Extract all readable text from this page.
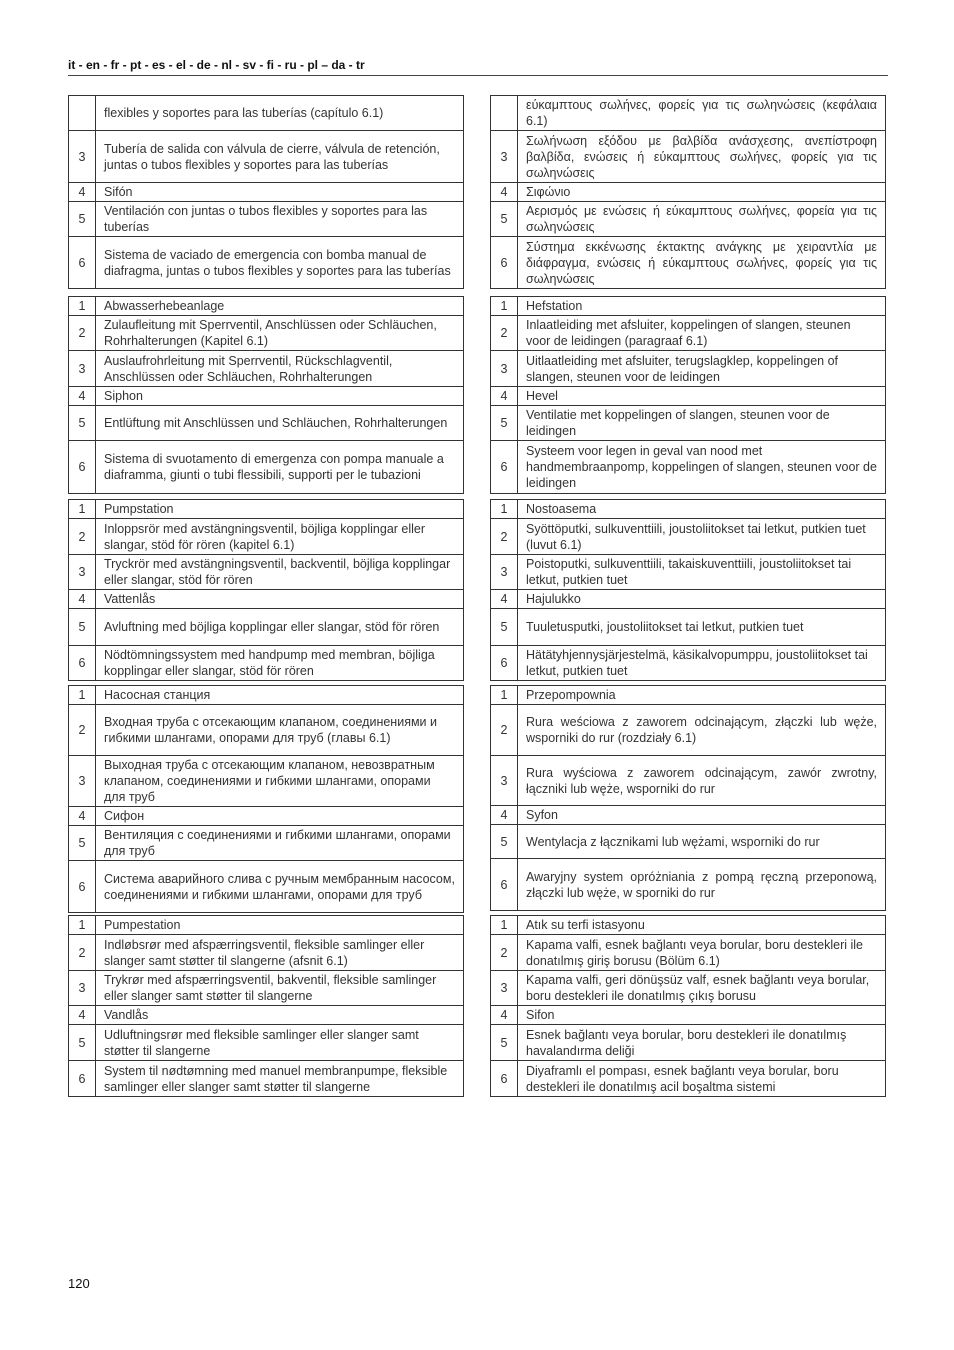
it - en - fr - pt - es - el - de - nl - sv - fi - ru - pl – da - tr
	flexibles y soportes para las tuberías (capítulo 6.1)
3	Tubería de salida con válvula de cierre, válvula de retención, juntas o tubos flexibles y soportes para las tuberías
4	Sifón
5	Ventilación con juntas o tubos flexibles y soportes para las tuberías
6	Sistema de vaciado de emergencia con bomba manual de diafragma, juntas o tubos flexibles y soportes para las tuberías
1	Abwasserhebeanlage
2	Zulaufleitung mit Sperrventil, Anschlüssen oder Schläuchen, Rohrhalterungen (Kapitel 6.1)
3	Auslaufrohrleitung mit Sperrventil, Rückschlagventil, Anschlüssen oder Schläuchen, Rohrhalterungen
4	Siphon
5	Entlüftung mit Anschlüssen und Schläuchen, Rohrhalterungen
6	Sistema di svuotamento di emergenza con pompa manuale a diaframma, giunti o tubi flessibili, supporti per le tubazioni
1	Pumpstation
2	Inloppsrör med avstängningsventil, böjliga kopplingar eller slangar, stöd för rören (kapitel 6.1)
3	Tryckrör med avstängningsventil, backventil, böjliga kopplingar eller slangar, stöd för rören
4	Vattenlås
5	Avluftning med böjliga kopplingar eller slangar, stöd för rören
6	Nödtömningssystem med handpump med membran, böjliga kopplingar eller slangar, stöd för rören
1	Насосная станция
2	Входная труба с отсекающим клапаном, соединениями и гибкими шлангами, опорами для труб (главы 6.1)
3	Выходная труба с отсекающим клапаном, невозвратным клапаном, соединениями и гибкими шлангами, опорами для труб
4	Сифон
5	Вентиляция с соединениями и гибкими шлангами, опорами для труб
6	Система аварийного слива с ручным мембранным насосом, соединениями и гибкими шлангами, опорами для труб
1	Pumpestation
2	Indløbsrør med afspærringsventil, fleksible samlinger eller slanger samt støtter til slangerne (afsnit 6.1)
3	Trykrør med afspærringsventil, bakventil, fleksible samlinger eller slanger samt støtter til slangerne
4	Vandlås
5	Udluftningsrør med fleksible samlinger eller slanger samt støtter til slangerne
6	System til nødtømning med manuel membranpumpe, fleksible samlinger eller slanger samt støtter til slangerne
	εύκαμπτους σωλήνες, φορείς για τις σωληνώσεις (κεφάλαια 6.1)
3	Σωλήνωση εξόδου με βαλβίδα ανάσχεσης, ανεπίστροφη βαλβίδα, ενώσεις ή εύκαμπτους σωλήνες, φορείς για τις σωληνώσεις
4	Σιφώνιο
5	Αερισμός με ενώσεις ή εύκαμπτους σωλήνες, φορεία για τις σωληνώσεις
6	Σύστημα εκκένωσης έκτακτης ανάγκης με χειραντλία με διάφραγμα, ενώσεις ή εύκαμπτους σωλήνες, φορείς για τις σωληνώσεις
1	Hefstation
2	Inlaatleiding met afsluiter, koppelingen of slangen, steunen voor de leidingen (paragraaf 6.1)
3	Uitlaatleiding met afsluiter, terugslagklep, koppelingen of slangen, steunen voor de leidingen
4	Hevel
5	Ventilatie met koppelingen of slangen, steunen voor de leidingen
6	Systeem voor legen in geval van nood met handmembraanpomp, koppelingen of slangen, steunen voor de leidingen
1	Nostoasema
2	Syöttöputki, sulkuventtiili, joustoliitokset tai letkut, putkien tuet (luvut 6.1)
3	Poistoputki, sulkuventtiili, takaiskuventtiili, joustoliitokset tai letkut, putkien tuet
4	Hajulukko
5	Tuuletusputki, joustoliitokset tai letkut, putkien tuet
6	Hätätyhjennysjärjestelmä, käsikalvopumppu, joustoliitokset tai letkut, putkien tuet
1	Przepompownia
2	Rura weściowa z zaworem odcinającym, złączki lub węże, wsporniki do rur (rozdziały 6.1)
3	Rura wyściowa z zaworem odcinającym, zawór zwrotny, łączniki lub węże, wsporniki do rur
4	Syfon
5	Wentylacja z łącznikami lub wężami, wsporniki do rur
6	Awaryjny system opróżniania z pompą ręczną przeponową, złączki lub węże, w sporniki do rur
1	Atık su terfi istasyonu
2	Kapama valfi, esnek bağlantı veya borular, boru destekleri ile donatılmış giriş borusu (Bölüm 6.1)
3	Kapama valfi, geri dönüşsüz valf, esnek bağlantı veya borular, boru destekleri ile donatılmış çıkış borusu
4	Sifon
5	Esnek bağlantı veya borular, boru destekleri ile donatılmış havalandırma deliği
6	Diyaframlı el pompası, esnek bağlantı veya borular, boru destekleri ile donatılmış acil boşaltma sistemi
120
